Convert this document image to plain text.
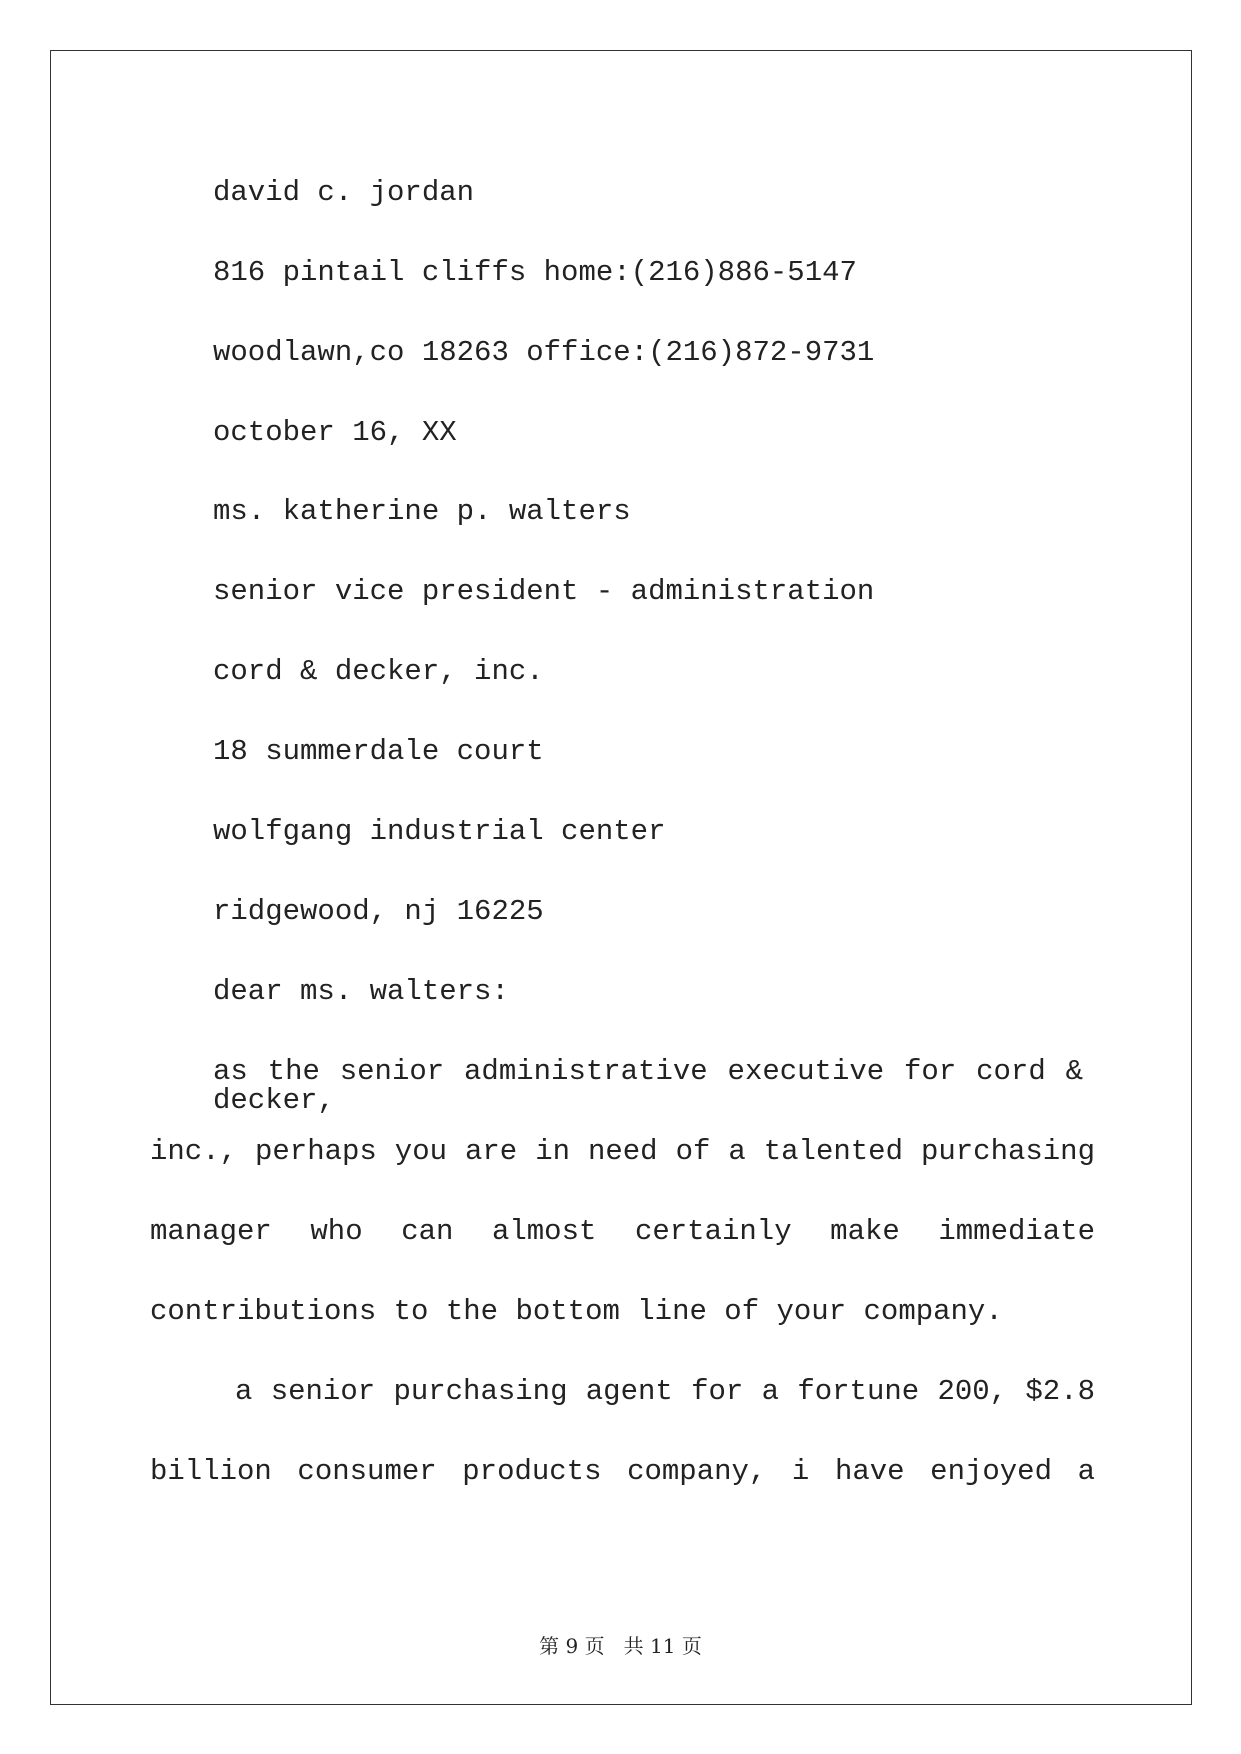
david c. jordan
816 pintail cliffs home:(216)886-5147
woodlawn,co 18263 office:(216)872-9731
october 16, XX
ms. katherine p. walters
senior vice president - administration
cord & decker, inc.
18 summerdale court
wolfgang industrial center
ridgewood, nj 16225
dear ms. walters:
as the senior administrative executive for cord & decker,
inc., perhaps you are in need of a talented purchasing
manager who can almost certainly make immediate
contributions to the bottom line of your company.
a senior purchasing agent for a fortune 200, $2.8
billion consumer products company, i have enjoyed a
第 9 页   共 11 页
